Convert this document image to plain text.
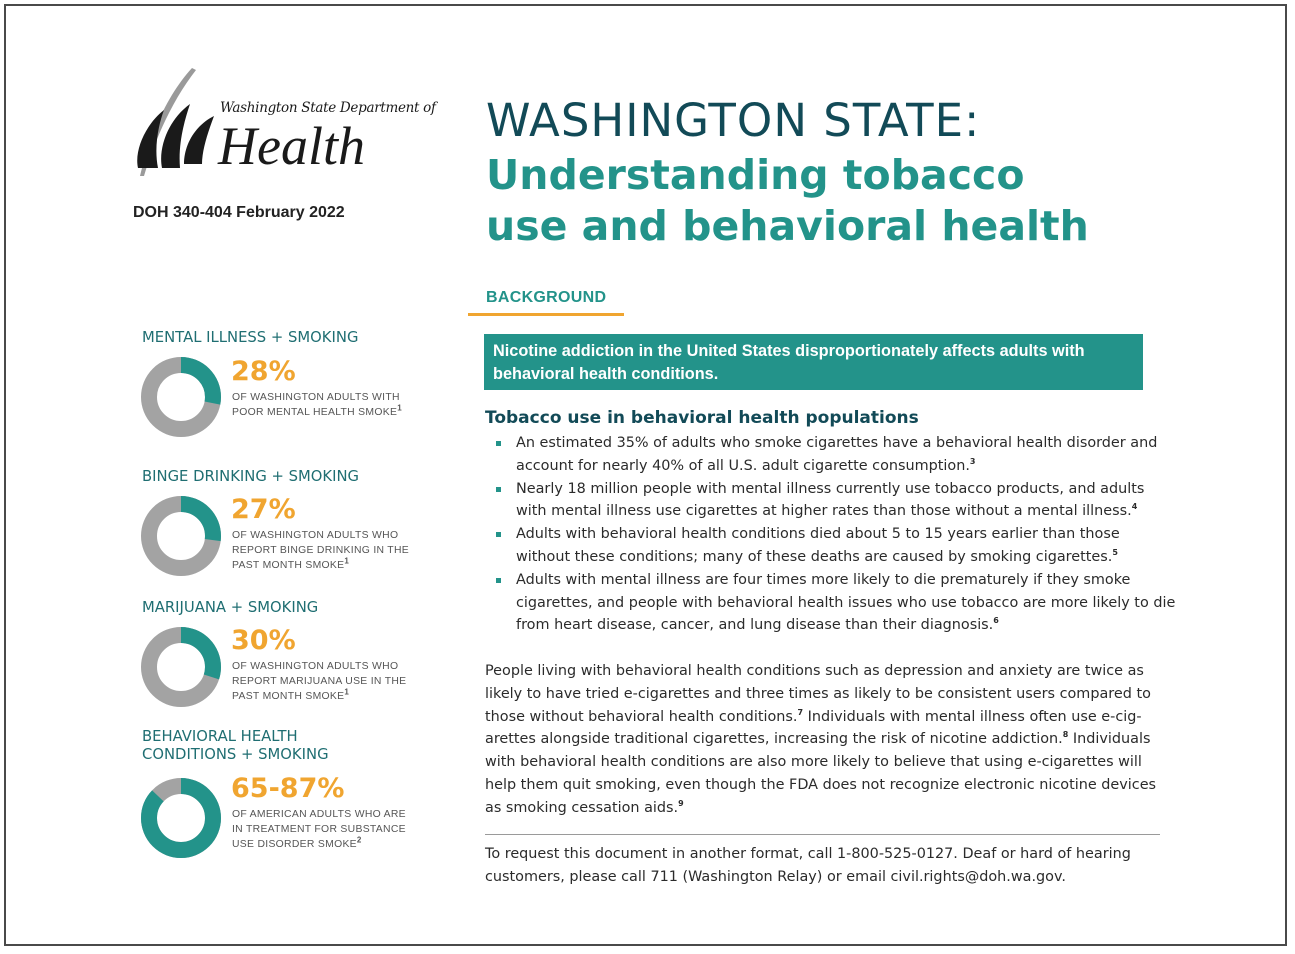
Washington State Department of
Health
DOH 340-404 February 2022
WASHINGTON STATE:
Understanding tobacco
use and behavioral health
BACKGROUND
Nicotine addiction in the United States disproportionately affects adults with behavioral health conditions.
Tobacco use in behavioral health populations
An estimated 35% of adults who smoke cigarettes have a behavioral health disorder and account for nearly 40% of all U.S. adult cigarette consumption.$^3$
Nearly 18 million people with mental illness currently use tobacco products, and adults with mental illness use cigarettes at higher rates than those without a mental illness.$^4$
Adults with behavioral health conditions died about 5 to 15 years earlier than those without these conditions; many of these deaths are caused by smoking cigarettes.$^5$
Adults with mental illness are four times more likely to die prematurely if they smoke cigarettes, and people with behavioral health issues who use tobacco are more likely to die from heart disease, cancer, and lung disease than their diagnosis.$^6$
People living with behavioral health conditions such as depression and anxiety are twice as likely to have tried e-cigarettes and three times as likely to be consistent users compared to those without behavioral health conditions.$^7$ Individuals with mental illness often use e-cig- arettes alongside traditional cigarettes, increasing the risk of nicotine addiction.$^8$ Individuals with behavioral health conditions are also more likely to believe that using e-cigarettes will help them quit smoking, even though the FDA does not recognize electronic nicotine devices as smoking cessation aids.$^9$
To request this document in another format, call 1-800-525-0127. Deaf or hard of hearing customers, please call 711 (Washington Relay) or email civil.rights@doh.wa.gov.
MENTAL ILLNESS + SMOKING
28%
OF WASHINGTON ADULTS WITH
POOR MENTAL HEALTH SMOKE$^1$
BINGE DRINKING + SMOKING
27%
OF WASHINGTON ADULTS WHO
REPORT BINGE DRINKING IN THE
PAST MONTH SMOKE$^1$
MARIJUANA + SMOKING
30%
OF WASHINGTON ADULTS WHO
REPORT MARIJUANA USE IN THE
PAST MONTH SMOKE$^1$
BEHAVIORAL HEALTH
CONDITIONS + SMOKING
65-87%
OF AMERICAN ADULTS WHO ARE
IN TREATMENT FOR SUBSTANCE
USE DISORDER SMOKE$^2$
